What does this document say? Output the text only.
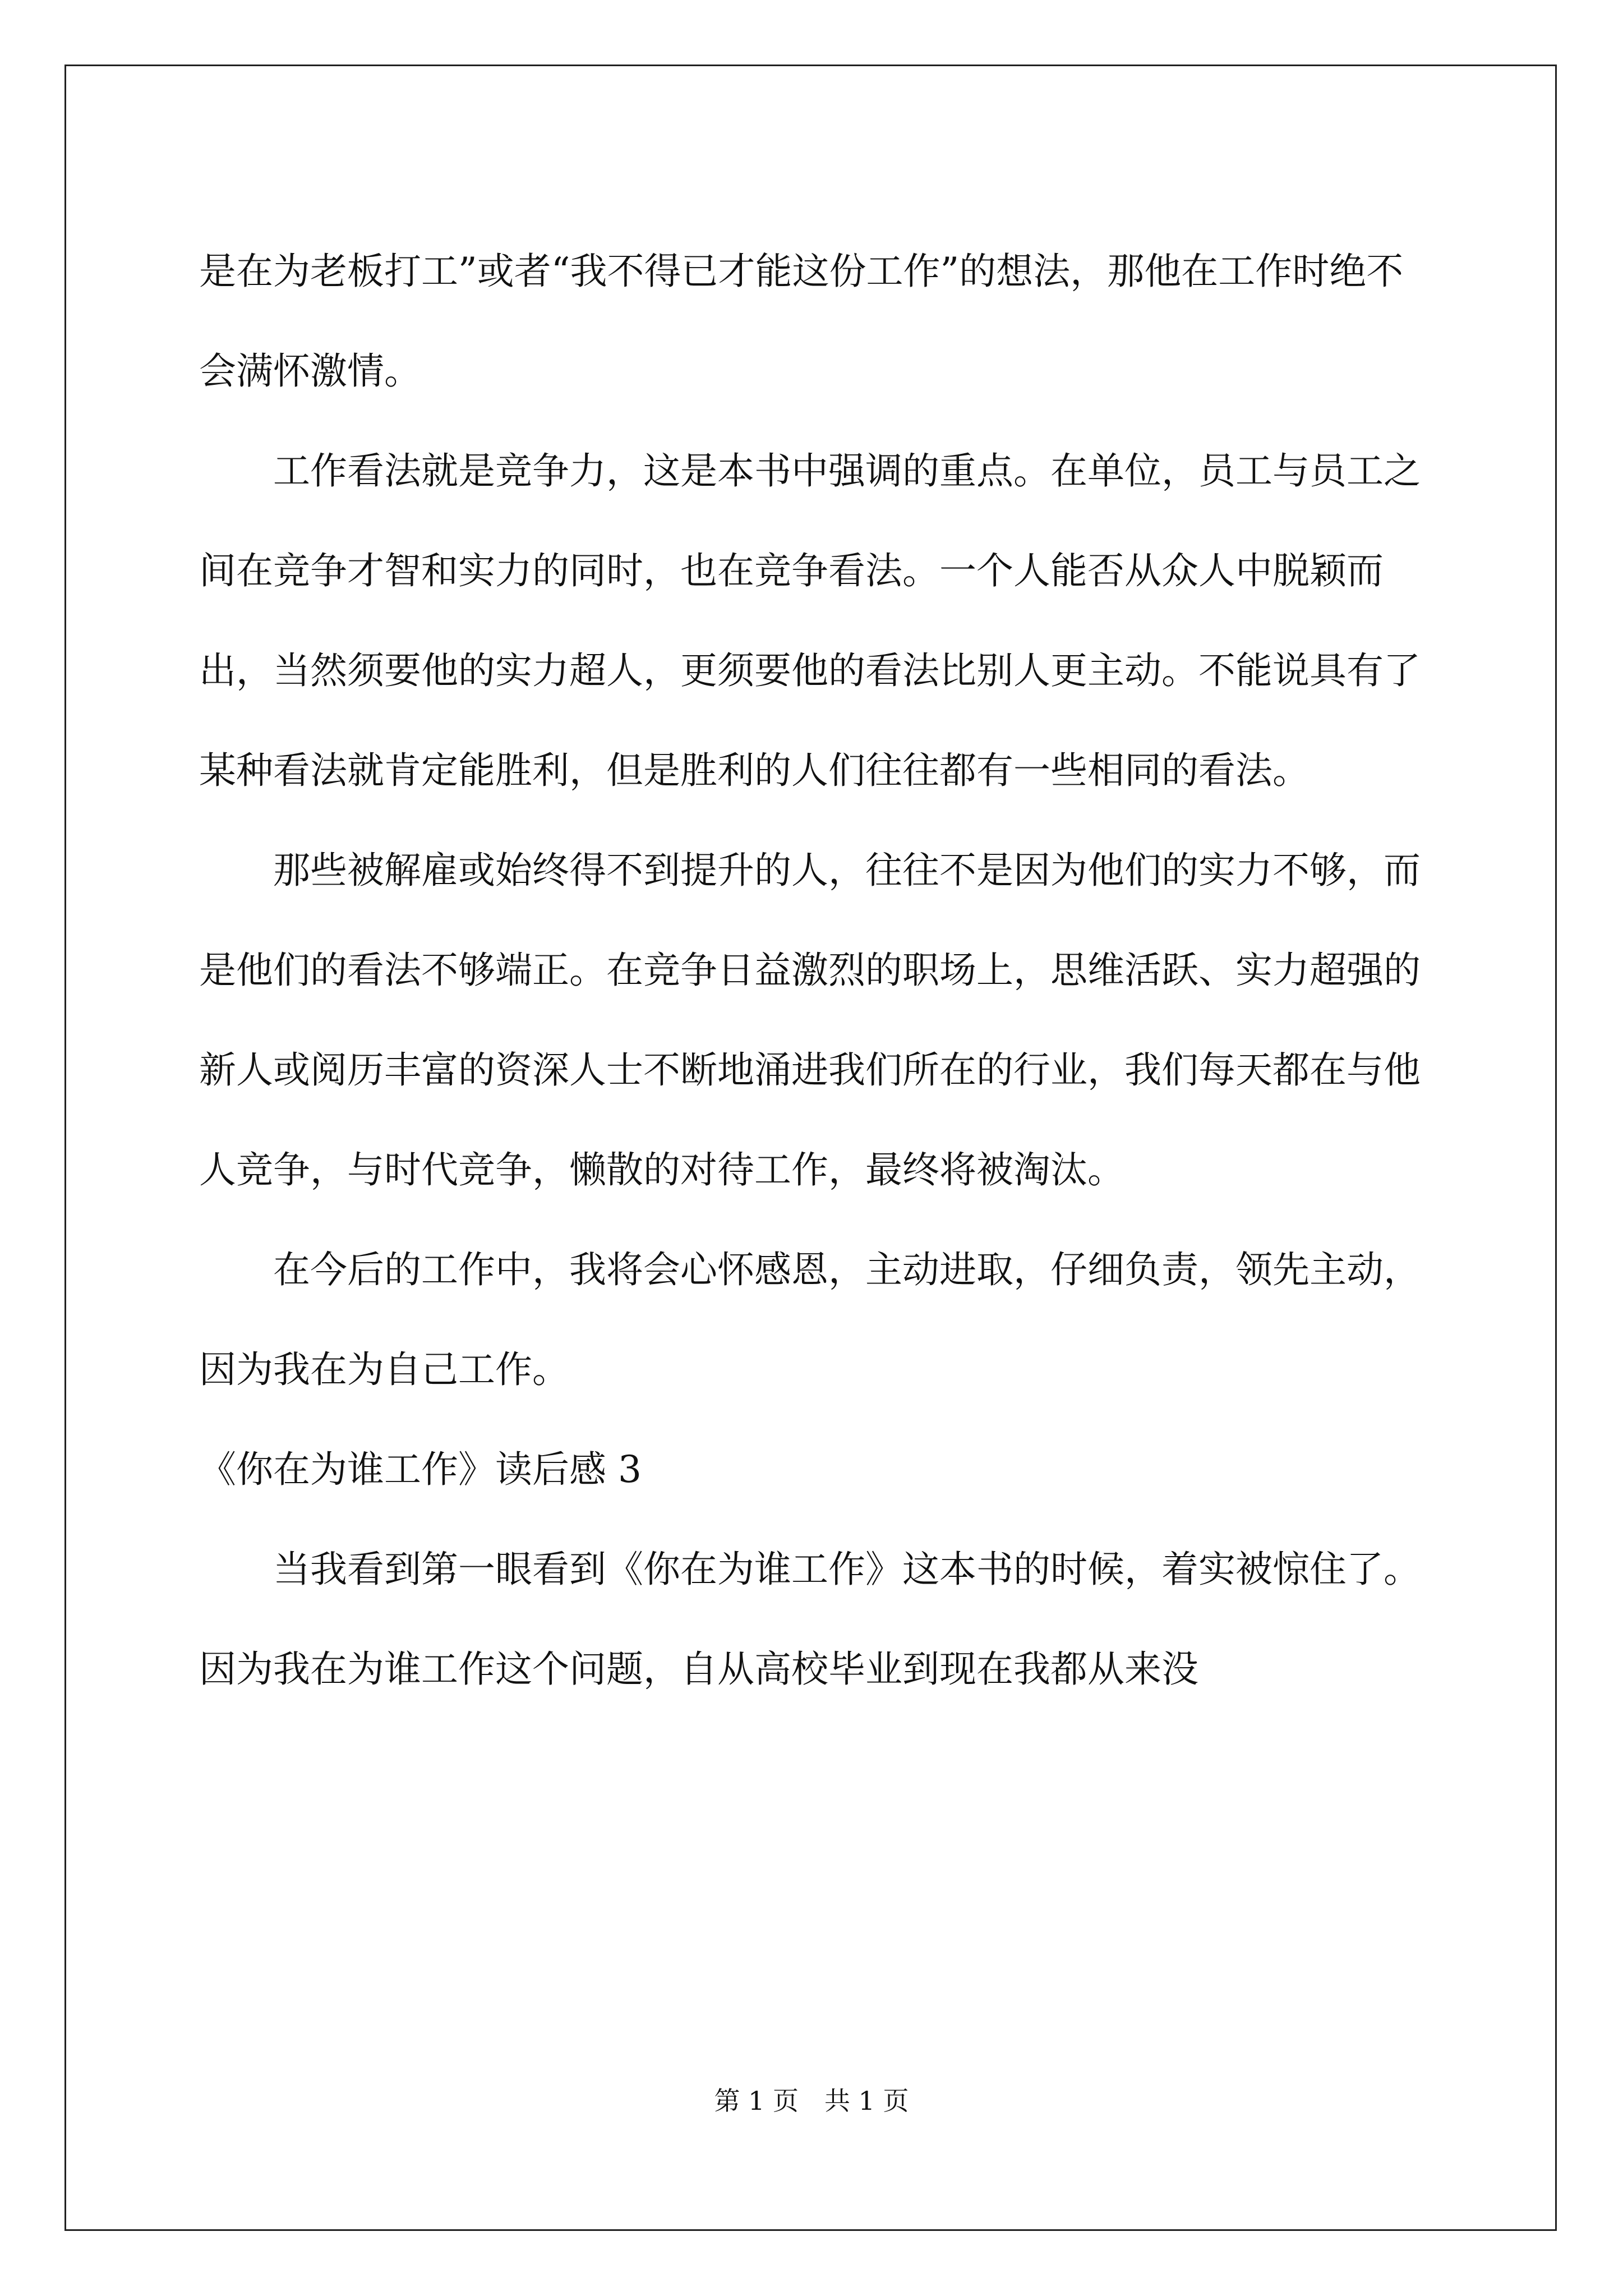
是在为老板打工”或者“我不得已才能这份工作”的想法，那他在工作时绝不会满怀激情。

工作看法就是竞争力，这是本书中强调的重点。在单位，员工与员工之间在竞争才智和实力的同时，也在竞争看法。一个人能否从众人中脱颖而出，当然须要他的实力超人，更须要他的看法比别人更主动。不能说具有了某种看法就肯定能胜利，但是胜利的人们往往都有一些相同的看法。

那些被解雇或始终得不到提升的人，往往不是因为他们的实力不够，而是他们的看法不够端正。在竞争日益激烈的职场上，思维活跃、实力超强的新人或阅历丰富的资深人士不断地涌进我们所在的行业，我们每天都在与他人竞争，与时代竞争，懒散的对待工作，最终将被淘汰。

在今后的工作中，我将会心怀感恩，主动进取，仔细负责，领先主动，因为我在为自己工作。

《你在为谁工作》读后感 3

当我看到第一眼看到《你在为谁工作》这本书的时候，着实被惊住了。因为我在为谁工作这个问题，自从高校毕业到现在我都从来没

第 1 页 共 1 页
